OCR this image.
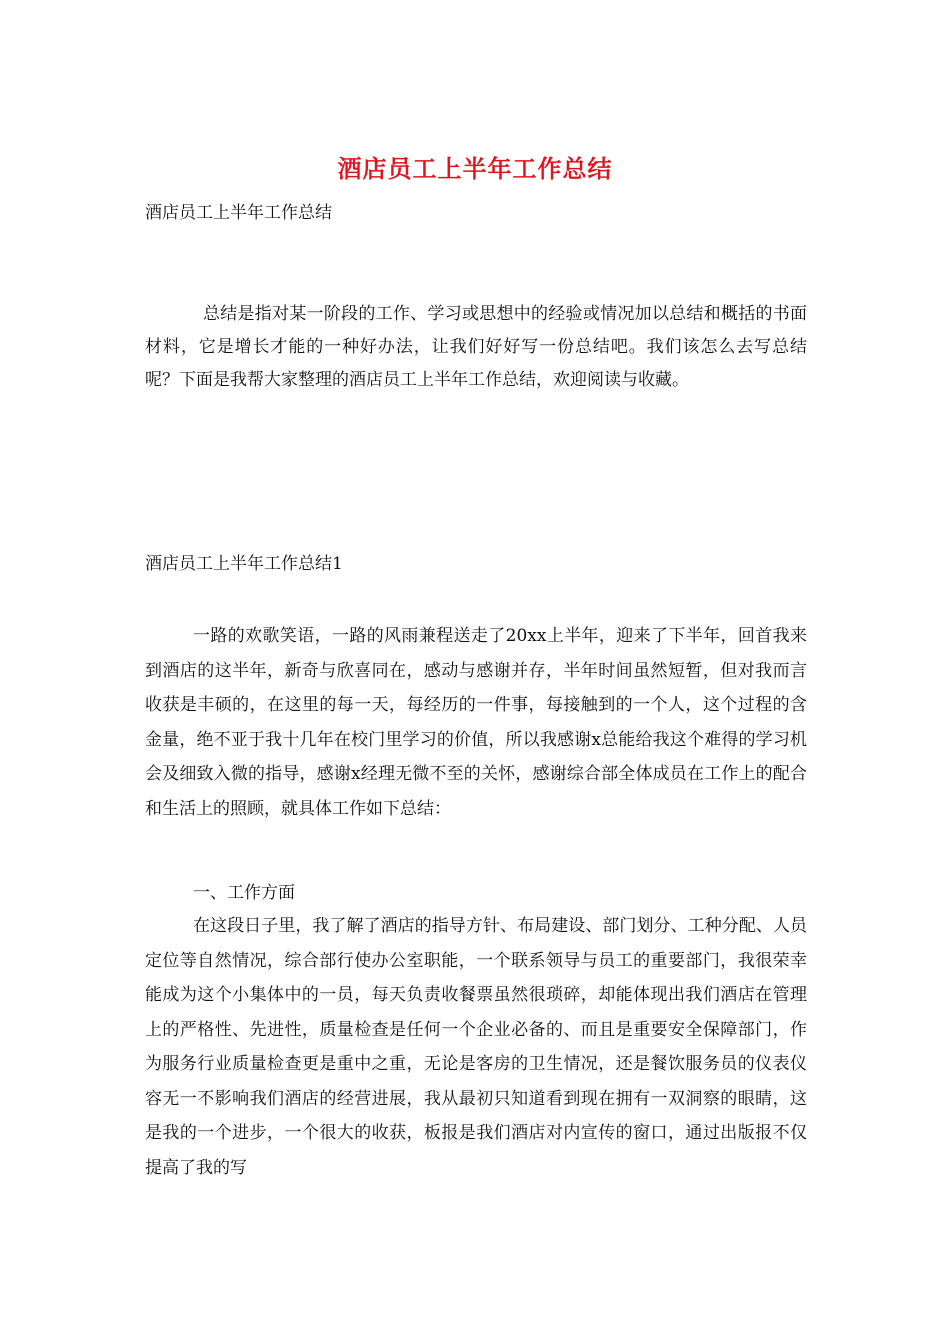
酒店员工上半年工作总结
酒店员工上半年工作总结
总结是指对某一阶段的工作、学习或思想中的经验或情况加以总结和概括的书面材料，它是增长才能的一种好办法，让我们好好写一份总结吧。我们该怎么去写总结呢？下面是我帮大家整理的酒店员工上半年工作总结，欢迎阅读与收藏。
酒店员工上半年工作总结1
一路的欢歌笑语，一路的风雨兼程送走了20xx上半年，迎来了下半年，回首我来到酒店的这半年，新奇与欣喜同在，感动与感谢并存，半年时间虽然短暂，但对我而言收获是丰硕的，在这里的每一天，每经历的一件事，每接触到的一个人，这个过程的含金量，绝不亚于我十几年在校门里学习的价值，所以我感谢x总能给我这个难得的学习机会及细致入微的指导，感谢x经理无微不至的关怀，感谢综合部全体成员在工作上的配合和生活上的照顾，就具体工作如下总结：
一、工作方面
在这段日子里，我了解了酒店的指导方针、布局建设、部门划分、工种分配、人员定位等自然情况，综合部行使办公室职能，一个联系领导与员工的重要部门，我很荣幸能成为这个小集体中的一员，每天负责收餐票虽然很琐碎，却能体现出我们酒店在管理上的严格性、先进性，质量检查是任何一个企业必备的、而且是重要安全保障部门，作为服务行业质量检查更是重中之重，无论是客房的卫生情况，还是餐饮服务员的仪表仪容无一不影响我们酒店的经营进展，我从最初只知道看到现在拥有一双洞察的眼睛，这是我的一个进步，一个很大的收获，板报是我们酒店对内宣传的窗口，通过出版报不仅提高了我的写
